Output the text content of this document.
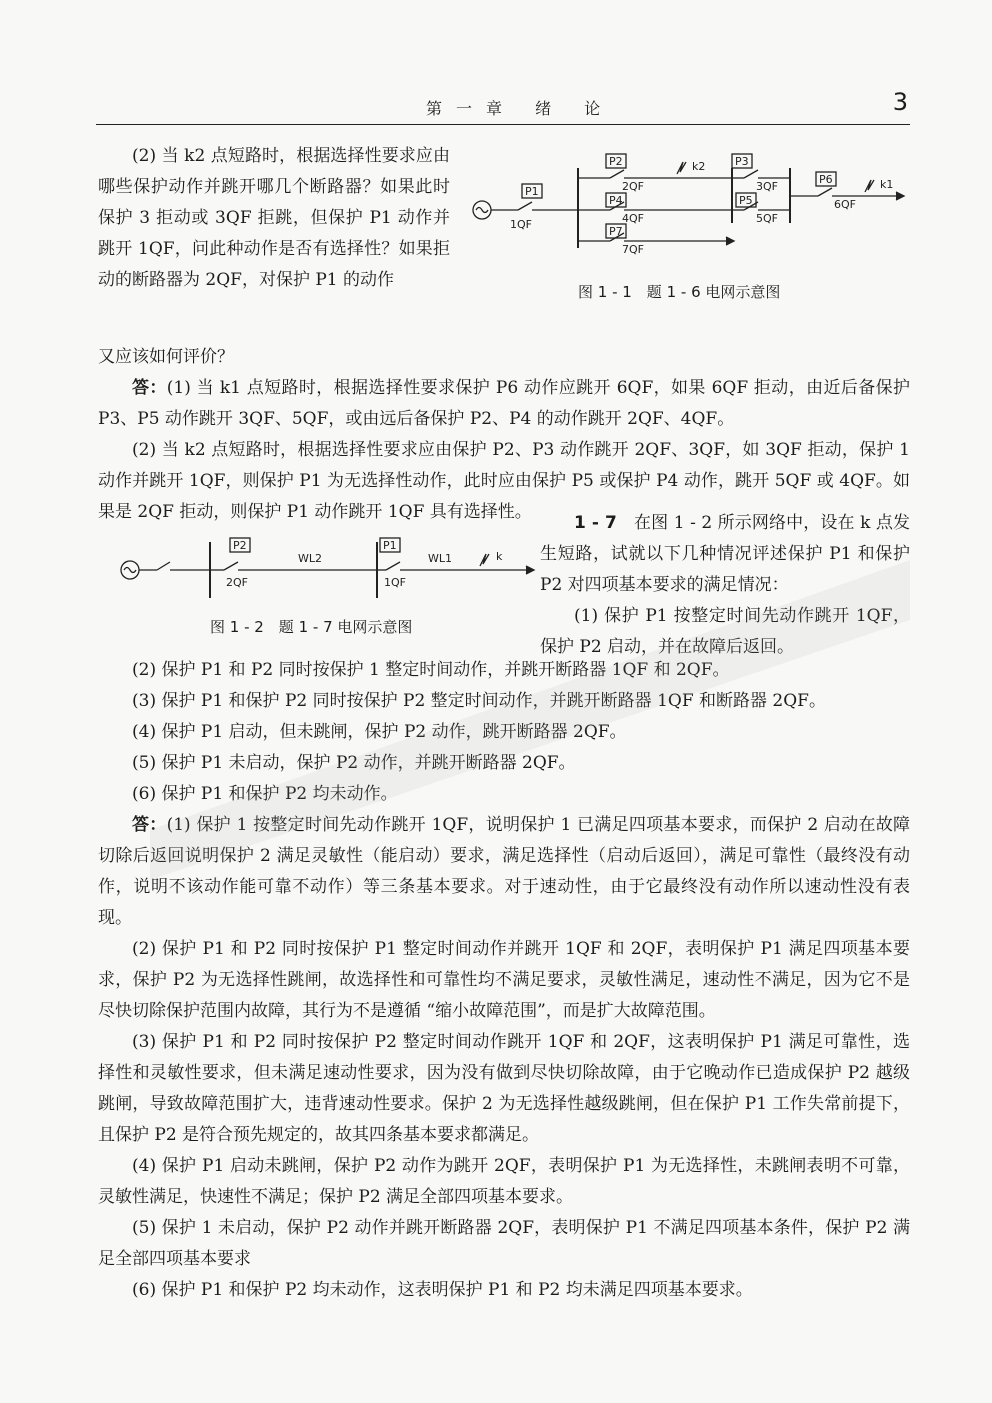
第一章 绪 论	3

(2) 当 k2 点短路时，根据选择性要求应由哪些保护动作并跳开哪几个断路器？如果此时保护 3 拒动或 3QF 拒跳，但保护 P1 动作并跳开 1QF，问此种动作是否有选择性？如果拒动的断路器为 2QF，对保护 P1 的动作

P1
P2	P3
P4	P5
P6
P7
k2
k1
1QF
2QF	3QF
4QF	5QF
6QF
7QF
图 1 - 1　题 1 - 6 电网示意图

又应该如何评价？

答：(1) 当 k1 点短路时，根据选择性要求保护 P6 动作应跳开 6QF，如果 6QF 拒动，由近后备保护 P3、P5 动作跳开 3QF、5QF，或由远后备保护 P2、P4 的动作跳开 2QF、4QF。

(2) 当 k2 点短路时，根据选择性要求应由保护 P2、P3 动作跳开 2QF、3QF，如 3QF 拒动，保护 1 动作并跳开 1QF，则保护 P1 为无选择性动作，此时应由保护 P5 或保护 P4 动作，跳开 5QF 或 4QF。如果是 2QF 拒动，则保护 P1 动作跳开 1QF 具有选择性。

P2	P1
WL2	WL1	k
2QF	1QF
图 1 - 2　题 1 - 7 电网示意图

1 - 7　 在图 1 - 2 所示网络中，设在 k 点发生短路，试就以下几种情况评述保护 P1 和保护 P2 对四项基本要求的满足情况：

(1) 保护 P1 按整定时间先动作跳开 1QF，保护 P2 启动，并在故障后返回。

(2) 保护 P1 和 P2 同时按保护 1 整定时间动作，并跳开断路器 1QF 和 2QF。

(3) 保护 P1 和保护 P2 同时按保护 P2 整定时间动作，并跳开断路器 1QF 和断路器 2QF。

(4) 保护 P1 启动，但未跳闸，保护 P2 动作，跳开断路器 2QF。

(5) 保护 P1 未启动，保护 P2 动作，并跳开断路器 2QF。

(6) 保护 P1 和保护 P2 均未动作。

答：(1) 保护 1 按整定时间先动作跳开 1QF，说明保护 1 已满足四项基本要求，而保护 2 启动在故障切除后返回说明保护 2 满足灵敏性（能启动）要求，满足选择性（启动后返回），满足可靠性（最终没有动作，说明不该动作能可靠不动作）等三条基本要求。对于速动性，由于它最终没有动作所以速动性没有表现。

(2) 保护 P1 和 P2 同时按保护 P1 整定时间动作并跳开 1QF 和 2QF，表明保护 P1 满足四项基本要求，保护 P2 为无选择性跳闸，故选择性和可靠性均不满足要求，灵敏性满足，速动性不满足，因为它不是尽快切除保护范围内故障，其行为不是遵循 “缩小故障范围”，而是扩大故障范围。

(3) 保护 P1 和 P2 同时按保护 P2 整定时间动作跳开 1QF 和 2QF，这表明保护 P1 满足可靠性，选择性和灵敏性要求，但未满足速动性要求，因为没有做到尽快切除故障，由于它晚动作已造成保护 P2 越级跳闸，导致故障范围扩大，违背速动性要求。保护 2 为无选择性越级跳闸，但在保护 P1 工作失常前提下，且保护 P2 是符合预先规定的，故其四条基本要求都满足。

(4) 保护 P1 启动未跳闸，保护 P2 动作为跳开 2QF，表明保护 P1 为无选择性，未跳闸表明不可靠，灵敏性满足，快速性不满足；保护 P2 满足全部四项基本要求。

(5) 保护 1 未启动，保护 P2 动作并跳开断路器 2QF，表明保护 P1 不满足四项基本条件，保护 P2 满足全部四项基本要求

(6) 保护 P1 和保护 P2 均未动作，这表明保护 P1 和 P2 均未满足四项基本要求。
